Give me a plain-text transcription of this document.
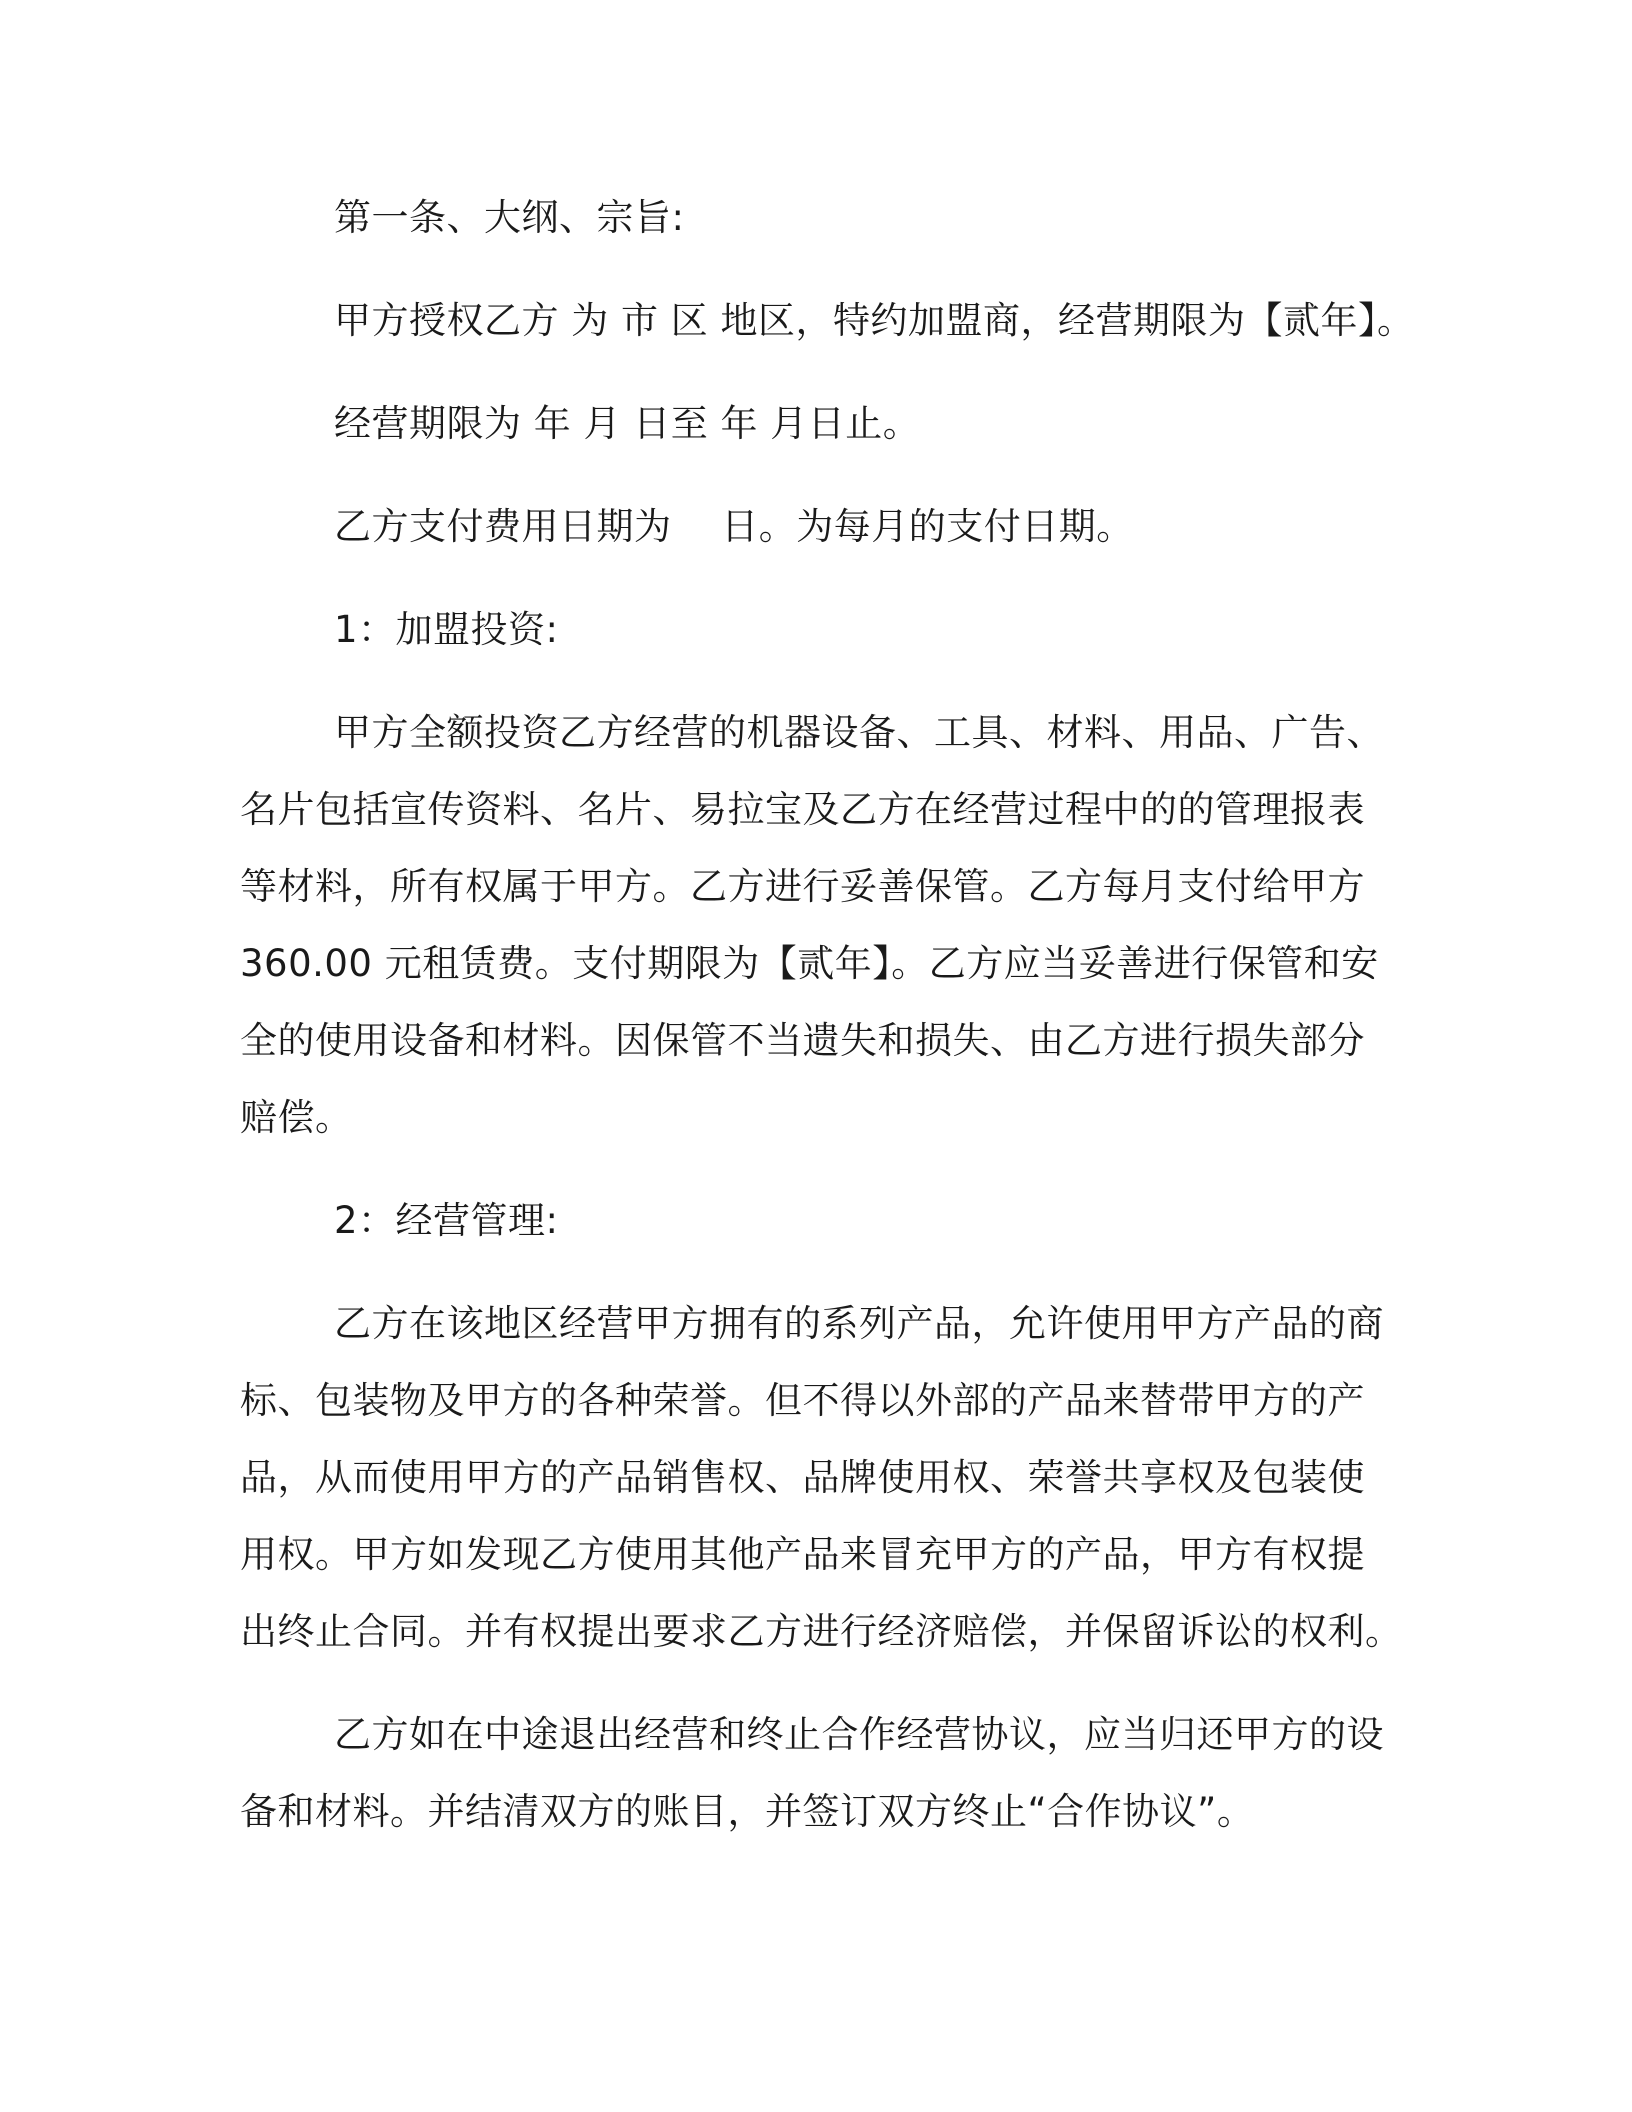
第一条、大纲、宗旨:
甲方授权乙方 为 市 区 地区，特约加盟商，经营期限为【贰年】。
经营期限为 年 月 日至 年 月日止。
乙方支付费用日期为　 日。为每月的支付日期。
1：加盟投资:
甲方全额投资乙方经营的机器设备、工具、材料、用品、广告、
名片包括宣传资料、名片、易拉宝及乙方在经营过程中的的管理报表
等材料，所有权属于甲方。乙方进行妥善保管。乙方每月支付给甲方
360.00 元租赁费。支付期限为【贰年】。乙方应当妥善进行保管和安
全的使用设备和材料。因保管不当遗失和损失、由乙方进行损失部分
赔偿。
2：经营管理:
乙方在该地区经营甲方拥有的系列产品，允许使用甲方产品的商
标、包装物及甲方的各种荣誉。但不得以外部的产品来替带甲方的产
品，从而使用甲方的产品销售权、品牌使用权、荣誉共享权及包装使
用权。甲方如发现乙方使用其他产品来冒充甲方的产品，甲方有权提
出终止合同。并有权提出要求乙方进行经济赔偿，并保留诉讼的权利。
乙方如在中途退出经营和终止合作经营协议，应当归还甲方的设
备和材料。并结清双方的账目，并签订双方终止“合作协议”。
